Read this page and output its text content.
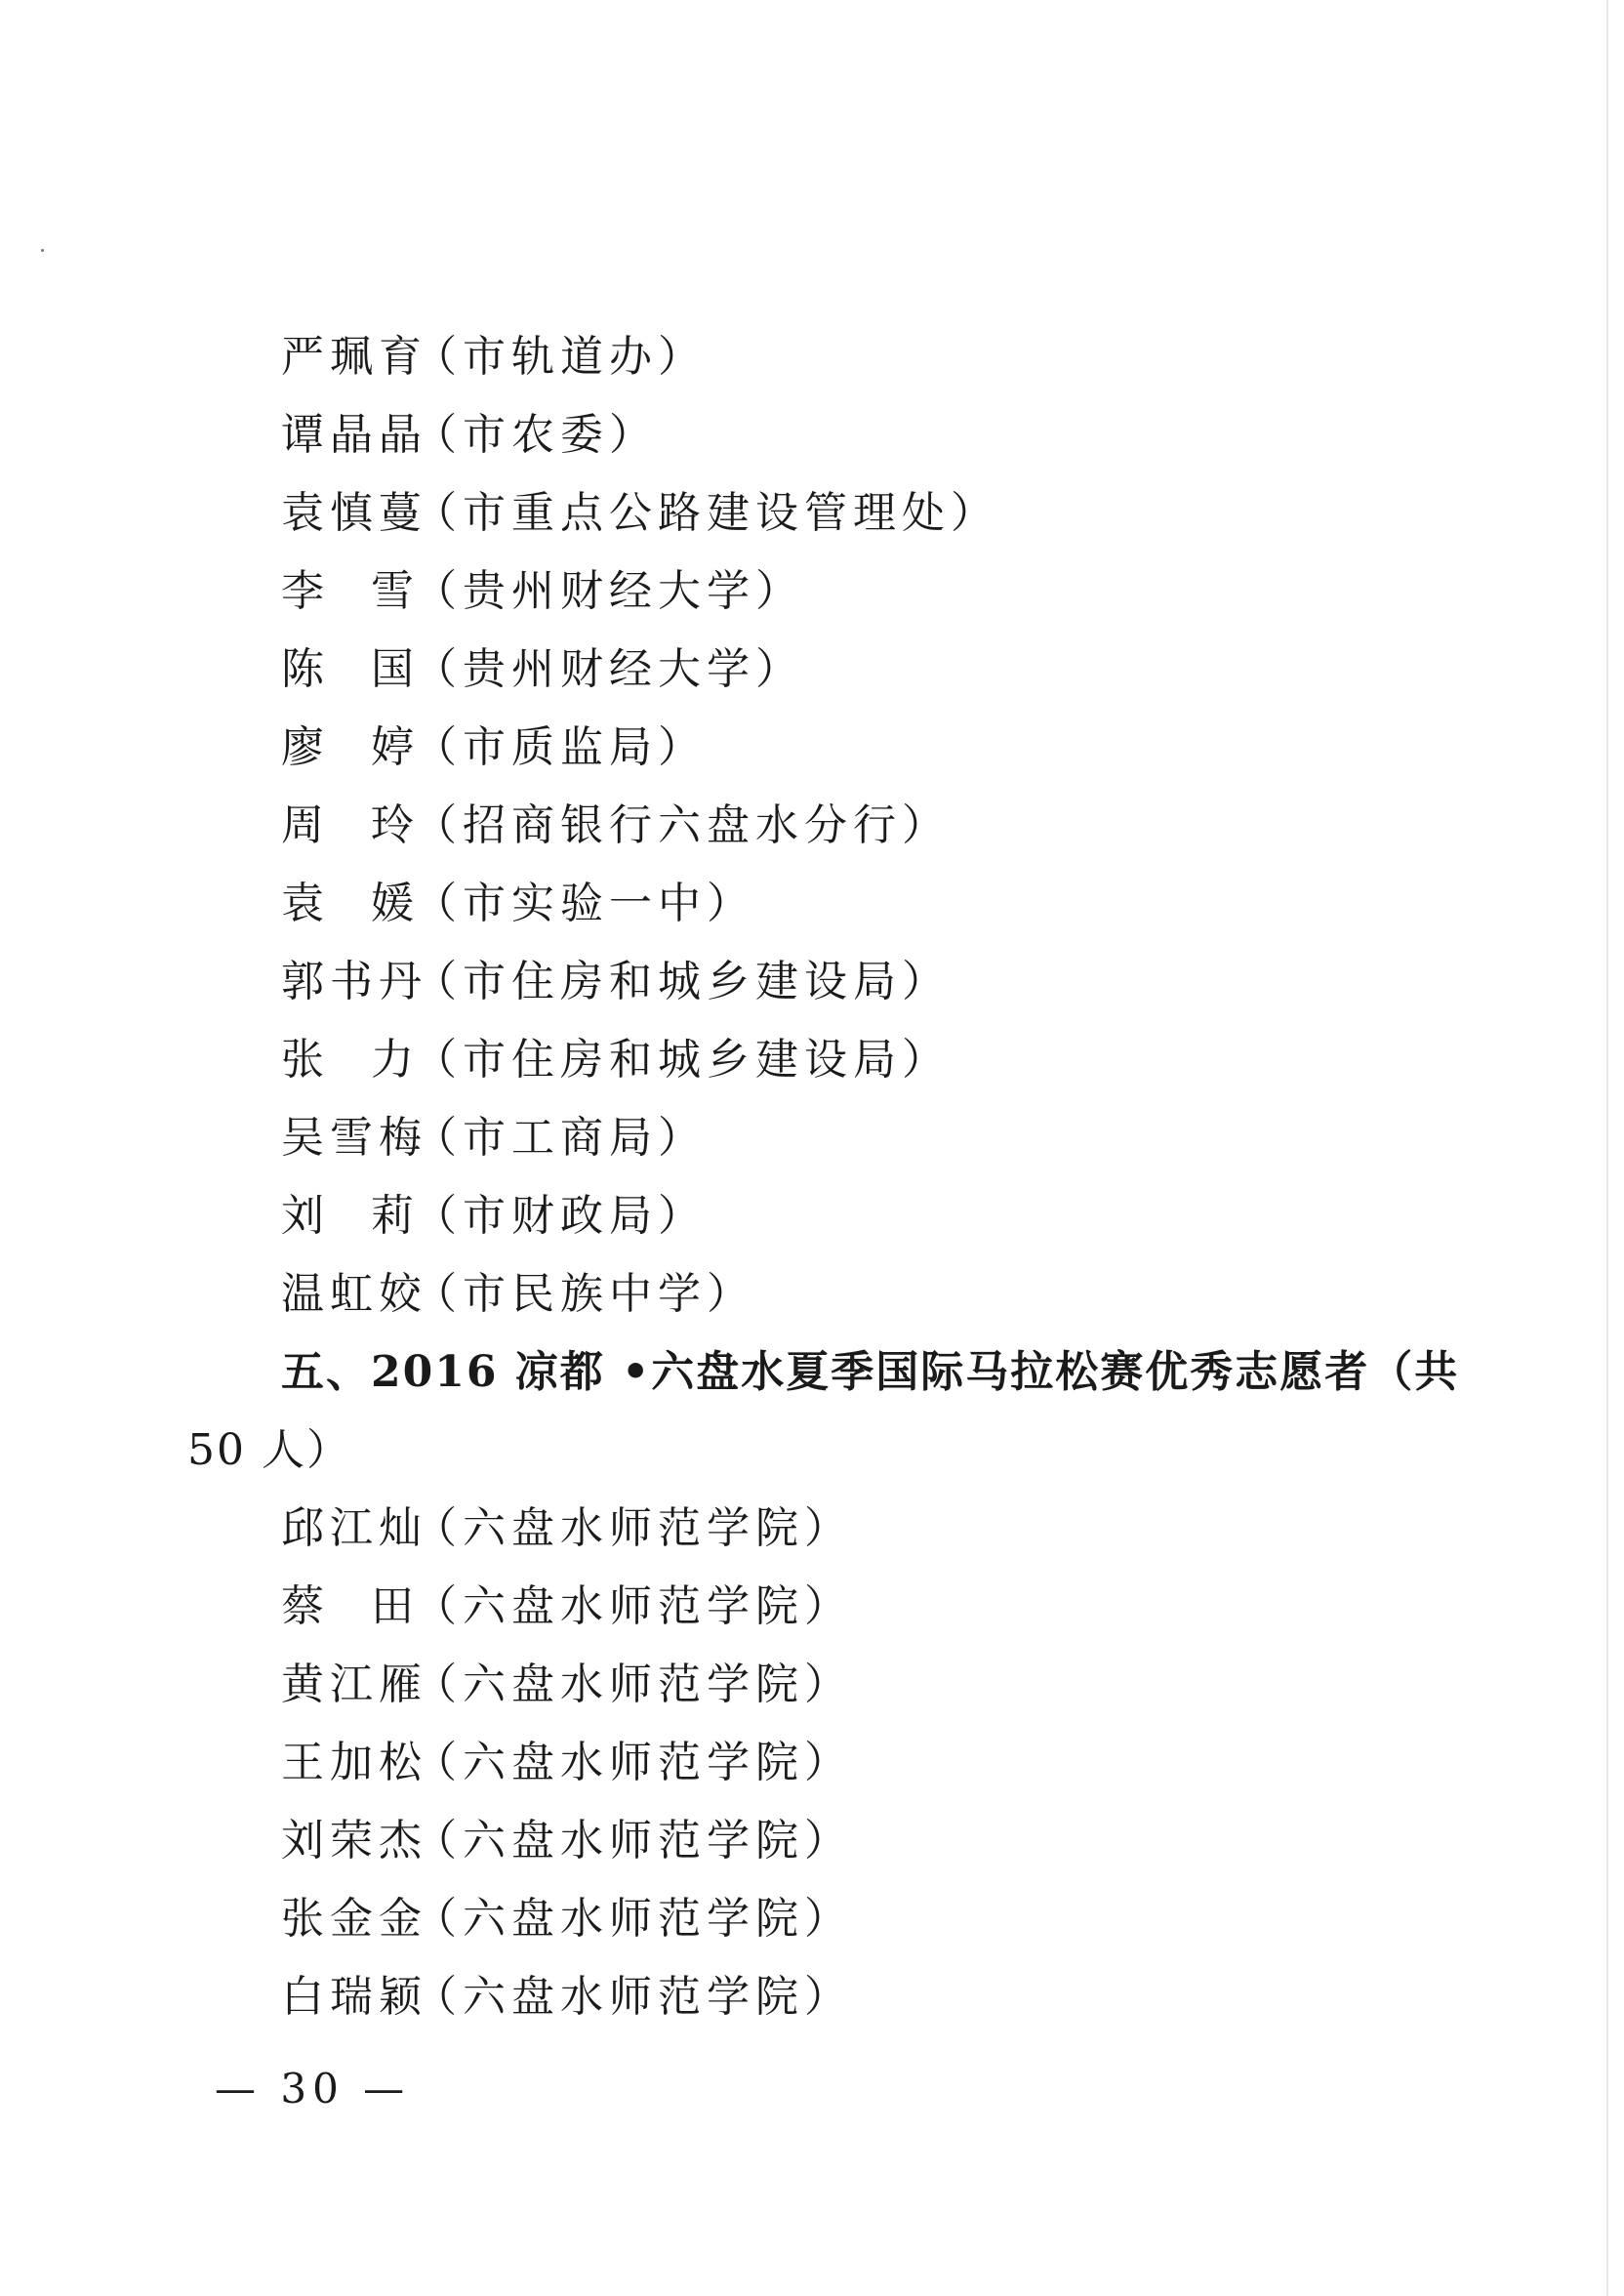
严珮育（市轨道办）
谭晶晶（市农委）
袁慎蔓（市重点公路建设管理处）
李雪（贵州财经大学）
陈国（贵州财经大学）
廖婷（市质监局）
周玲（招商银行六盘水分行）
袁媛（市实验一中）
郭书丹（市住房和城乡建设局）
张力（市住房和城乡建设局）
吴雪梅（市工商局）
刘莉（市财政局）
温虹姣（市民族中学）
五、2016 凉都 •六盘水夏季国际马拉松赛优秀志愿者（共
50 人）
邱江灿（六盘水师范学院）
蔡田（六盘水师范学院）
黄江雁（六盘水师范学院）
王加松（六盘水师范学院）
刘荣杰（六盘水师范学院）
张金金（六盘水师范学院）
白瑞颖（六盘水师范学院）
— 30 —
